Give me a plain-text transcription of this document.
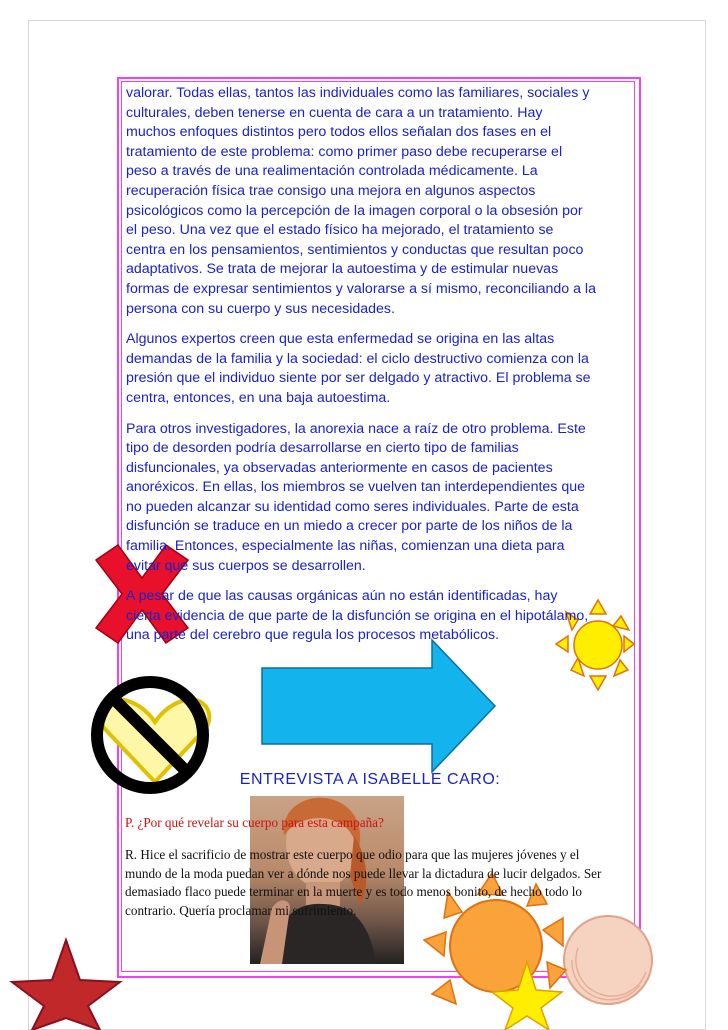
valorar. Todas ellas, tantos las individuales como las familiares, sociales y culturales, deben tenerse en cuenta de cara a un tratamiento. Hay muchos enfoques distintos pero todos ellos señalan dos fases en el tratamiento de este problema: como primer paso debe recuperarse el peso a través de una realimentación controlada médicamente. La recuperación física trae consigo una mejora en algunos aspectos psicológicos como la percepción de la imagen corporal o la obsesión por el peso. Una vez que el estado físico ha mejorado, el tratamiento se centra en los pensamientos, sentimientos y conductas que resultan poco adaptativos. Se trata de mejorar la autoestima y de estimular nuevas formas de expresar sentimientos y valorarse a sí mismo, reconciliando a la persona con su cuerpo y sus necesidades.

Algunos expertos creen que esta enfermedad se origina en las altas demandas de la familia y la sociedad: el ciclo destructivo comienza con la presión que el individuo siente por ser delgado y atractivo. El problema se centra, entonces, en una baja autoestima.

Para otros investigadores, la anorexia nace a raíz de otro problema. Este tipo de desorden podría desarrollarse en cierto tipo de familias disfuncionales, ya observadas anteriormente en casos de pacientes anoréxicos. En ellas, los miembros se vuelven tan interdependientes que no pueden alcanzar su identidad como seres individuales. Parte de esta disfunción se traduce en un miedo a crecer por parte de los niños de la familia. Entonces, especialmente las niñas, comienzan una dieta para evitar que sus cuerpos se desarrollen.

A pesar de que las causas orgánicas aún no están identificadas, hay cierta evidencia de que parte de la disfunción se origina en el hipotálamo, una parte del cerebro que regula los procesos metabólicos.

ENTREVISTA A ISABELLE CARO:

P. ¿Por qué revelar su cuerpo para esta campaña?

R. Hice el sacrificio de mostrar este cuerpo que odio para que las mujeres jóvenes y el mundo de la moda puedan ver a dónde nos puede llevar la dictadura de lucir delgados. Ser demasiado flaco puede terminar en la muerte y es todo menos bonito, de hecho todo lo contrario. Quería proclamar mi sufrimiento.
